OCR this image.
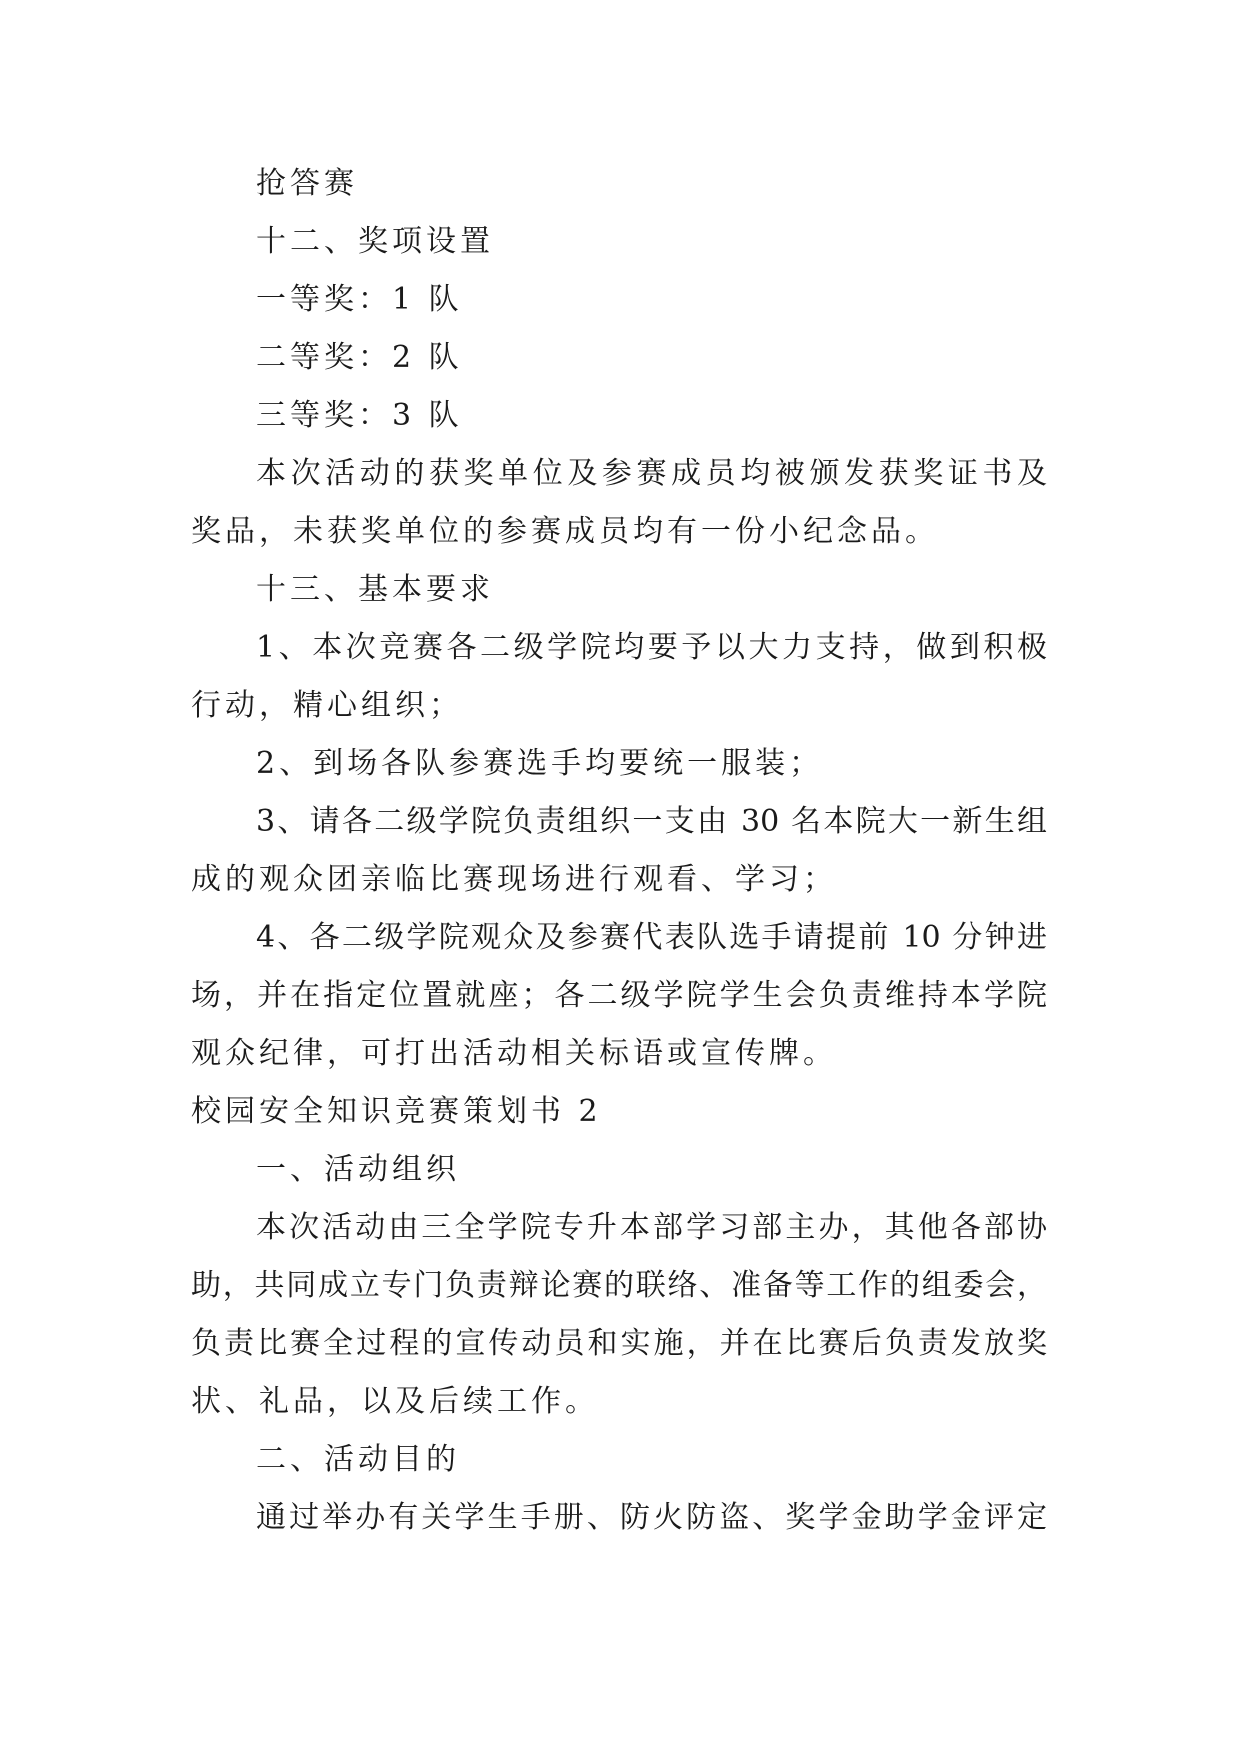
抢答赛
十二、奖项设置
一等奖：1 队
二等奖：2 队
三等奖：3 队
本次活动的获奖单位及参赛成员均被颁发获奖证书及
奖品，未获奖单位的参赛成员均有一份小纪念品。
十三、基本要求
1、本次竞赛各二级学院均要予以大力支持，做到积极
行动，精心组织；
2、到场各队参赛选手均要统一服装；
3、请各二级学院负责组织一支由 30 名本院大一新生组
成的观众团亲临比赛现场进行观看、学习；
4、各二级学院观众及参赛代表队选手请提前 10 分钟进
场，并在指定位置就座；各二级学院学生会负责维持本学院
观众纪律，可打出活动相关标语或宣传牌。
校园安全知识竞赛策划书 2
一、活动组织
本次活动由三全学院专升本部学习部主办，其他各部协
助，共同成立专门负责辩论赛的联络、准备等工作的组委会，
负责比赛全过程的宣传动员和实施，并在比赛后负责发放奖
状、礼品，以及后续工作。
二、活动目的
通过举办有关学生手册、防火防盗、奖学金助学金评定
